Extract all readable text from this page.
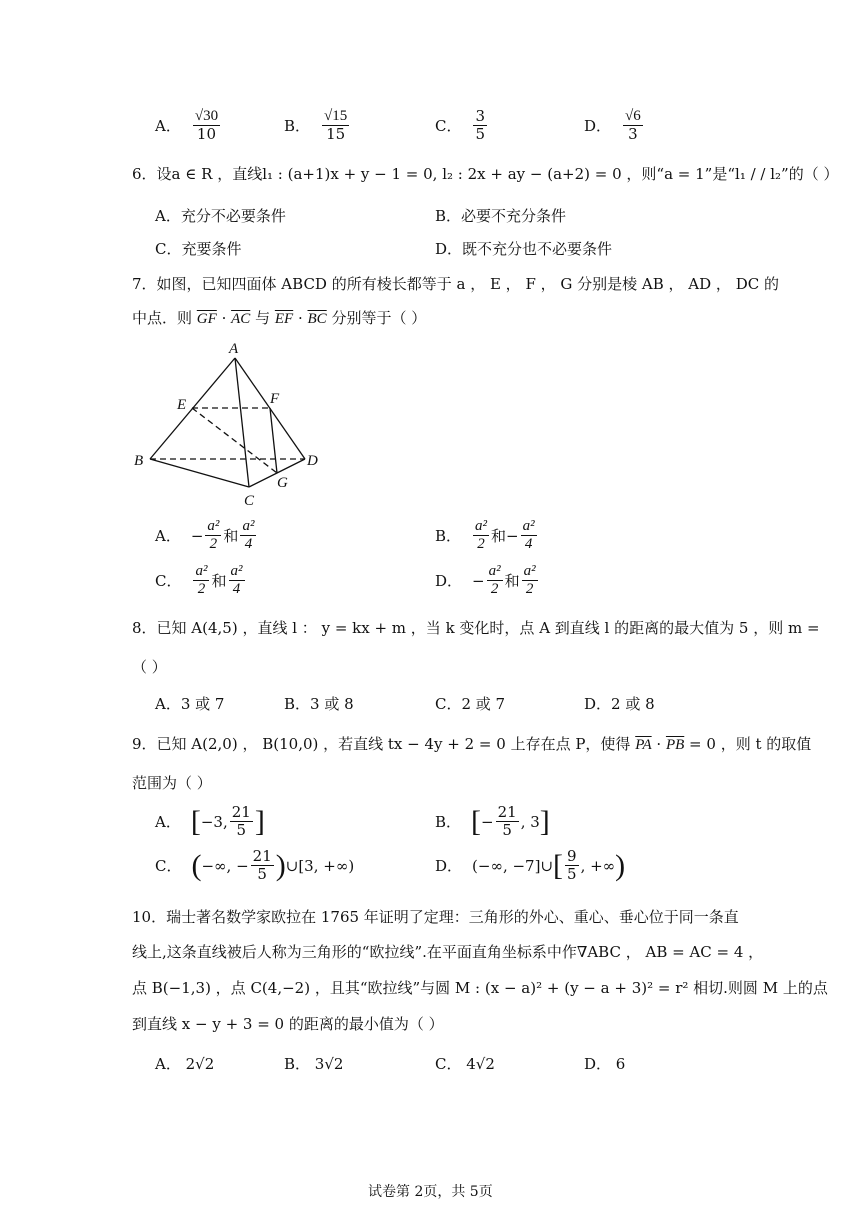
A． $\frac{√30}{10}$	B． $\frac{√15}{15}$	C． $\frac{3}{5}$	D． $\frac{√6}{3}$
6．设a ∈ R ，直线l₁ : (a+1)x + y − 1 = 0, l₂ : 2x + ay − (a+2) = 0 ，则“a = 1”是“l₁ / / l₂”的（ ）
A．充分不必要条件	B．必要不充分条件
C．充要条件	D．既不充分也不必要条件
7．如图，已知四面体 ABCD 的所有棱长都等于 a ， E ， F ， G 分别是棱 AB ， AD ， DC 的
中点．则 $\overline{GF} \cdot \overline{AC}$ 与 $\overline{EF} \cdot \overline{BC}$ 分别等于（ ）
A
B
C
D
E	F
G
A． − $\frac{\text{a²}}{2}$ 和 $\frac{\text{a²}}{4}$	B． $\frac{\text{a²}}{2}$ 和 − $\frac{\text{a²}}{4}$
C． $\frac{\text{a²}}{2}$ 和 $\frac{\text{a²}}{4}$	D． − $\frac{\text{a²}}{2}$ 和 $\frac{\text{a²}}{2}$
8．已知 A(4,5) ，直线 l ： y = kx + m ，当 k 变化时，点 A 到直线 l 的距离的最大值为 5 ，则 m =
（ ）
A．3 或 7	B．3 或 8	C．2 或 7	D．2 或 8
9．已知 A(2,0) ， B(10,0) ，若直线 tx − 4y + 2 = 0 上存在点 P，使得 $\overline{PA} \cdot \overline{PB} = 0$ ，则 t 的取值
范围为（ ）
A． [ −3, $\frac{21}{5}$ ]	B． [ − $\frac{21}{5}$ , 3 ]
C． ( −∞, − $\frac{21}{5}$ ) ∪[3, +∞)	D． (−∞, −7]∪ [ $\frac{9}{5}$ , +∞ )
10．瑞士著名数学家欧拉在 1765 年证明了定理：三角形的外心、重心、垂心位于同一条直
线上,这条直线被后人称为三角形的“欧拉线”.在平面直角坐标系中作∇ABC ， AB = AC = 4 ，
点 B(−1,3) ，点 C(4,−2) ，且其“欧拉线”与圆 M : (x − a)² + (y − a + 3)² = r² 相切.则圆 M 上的点
到直线 x − y + 3 = 0 的距离的最小值为（ ）
A． 2√2	B． 3√2	C． 4√2	D． 6
试卷第 2页，共 5页
